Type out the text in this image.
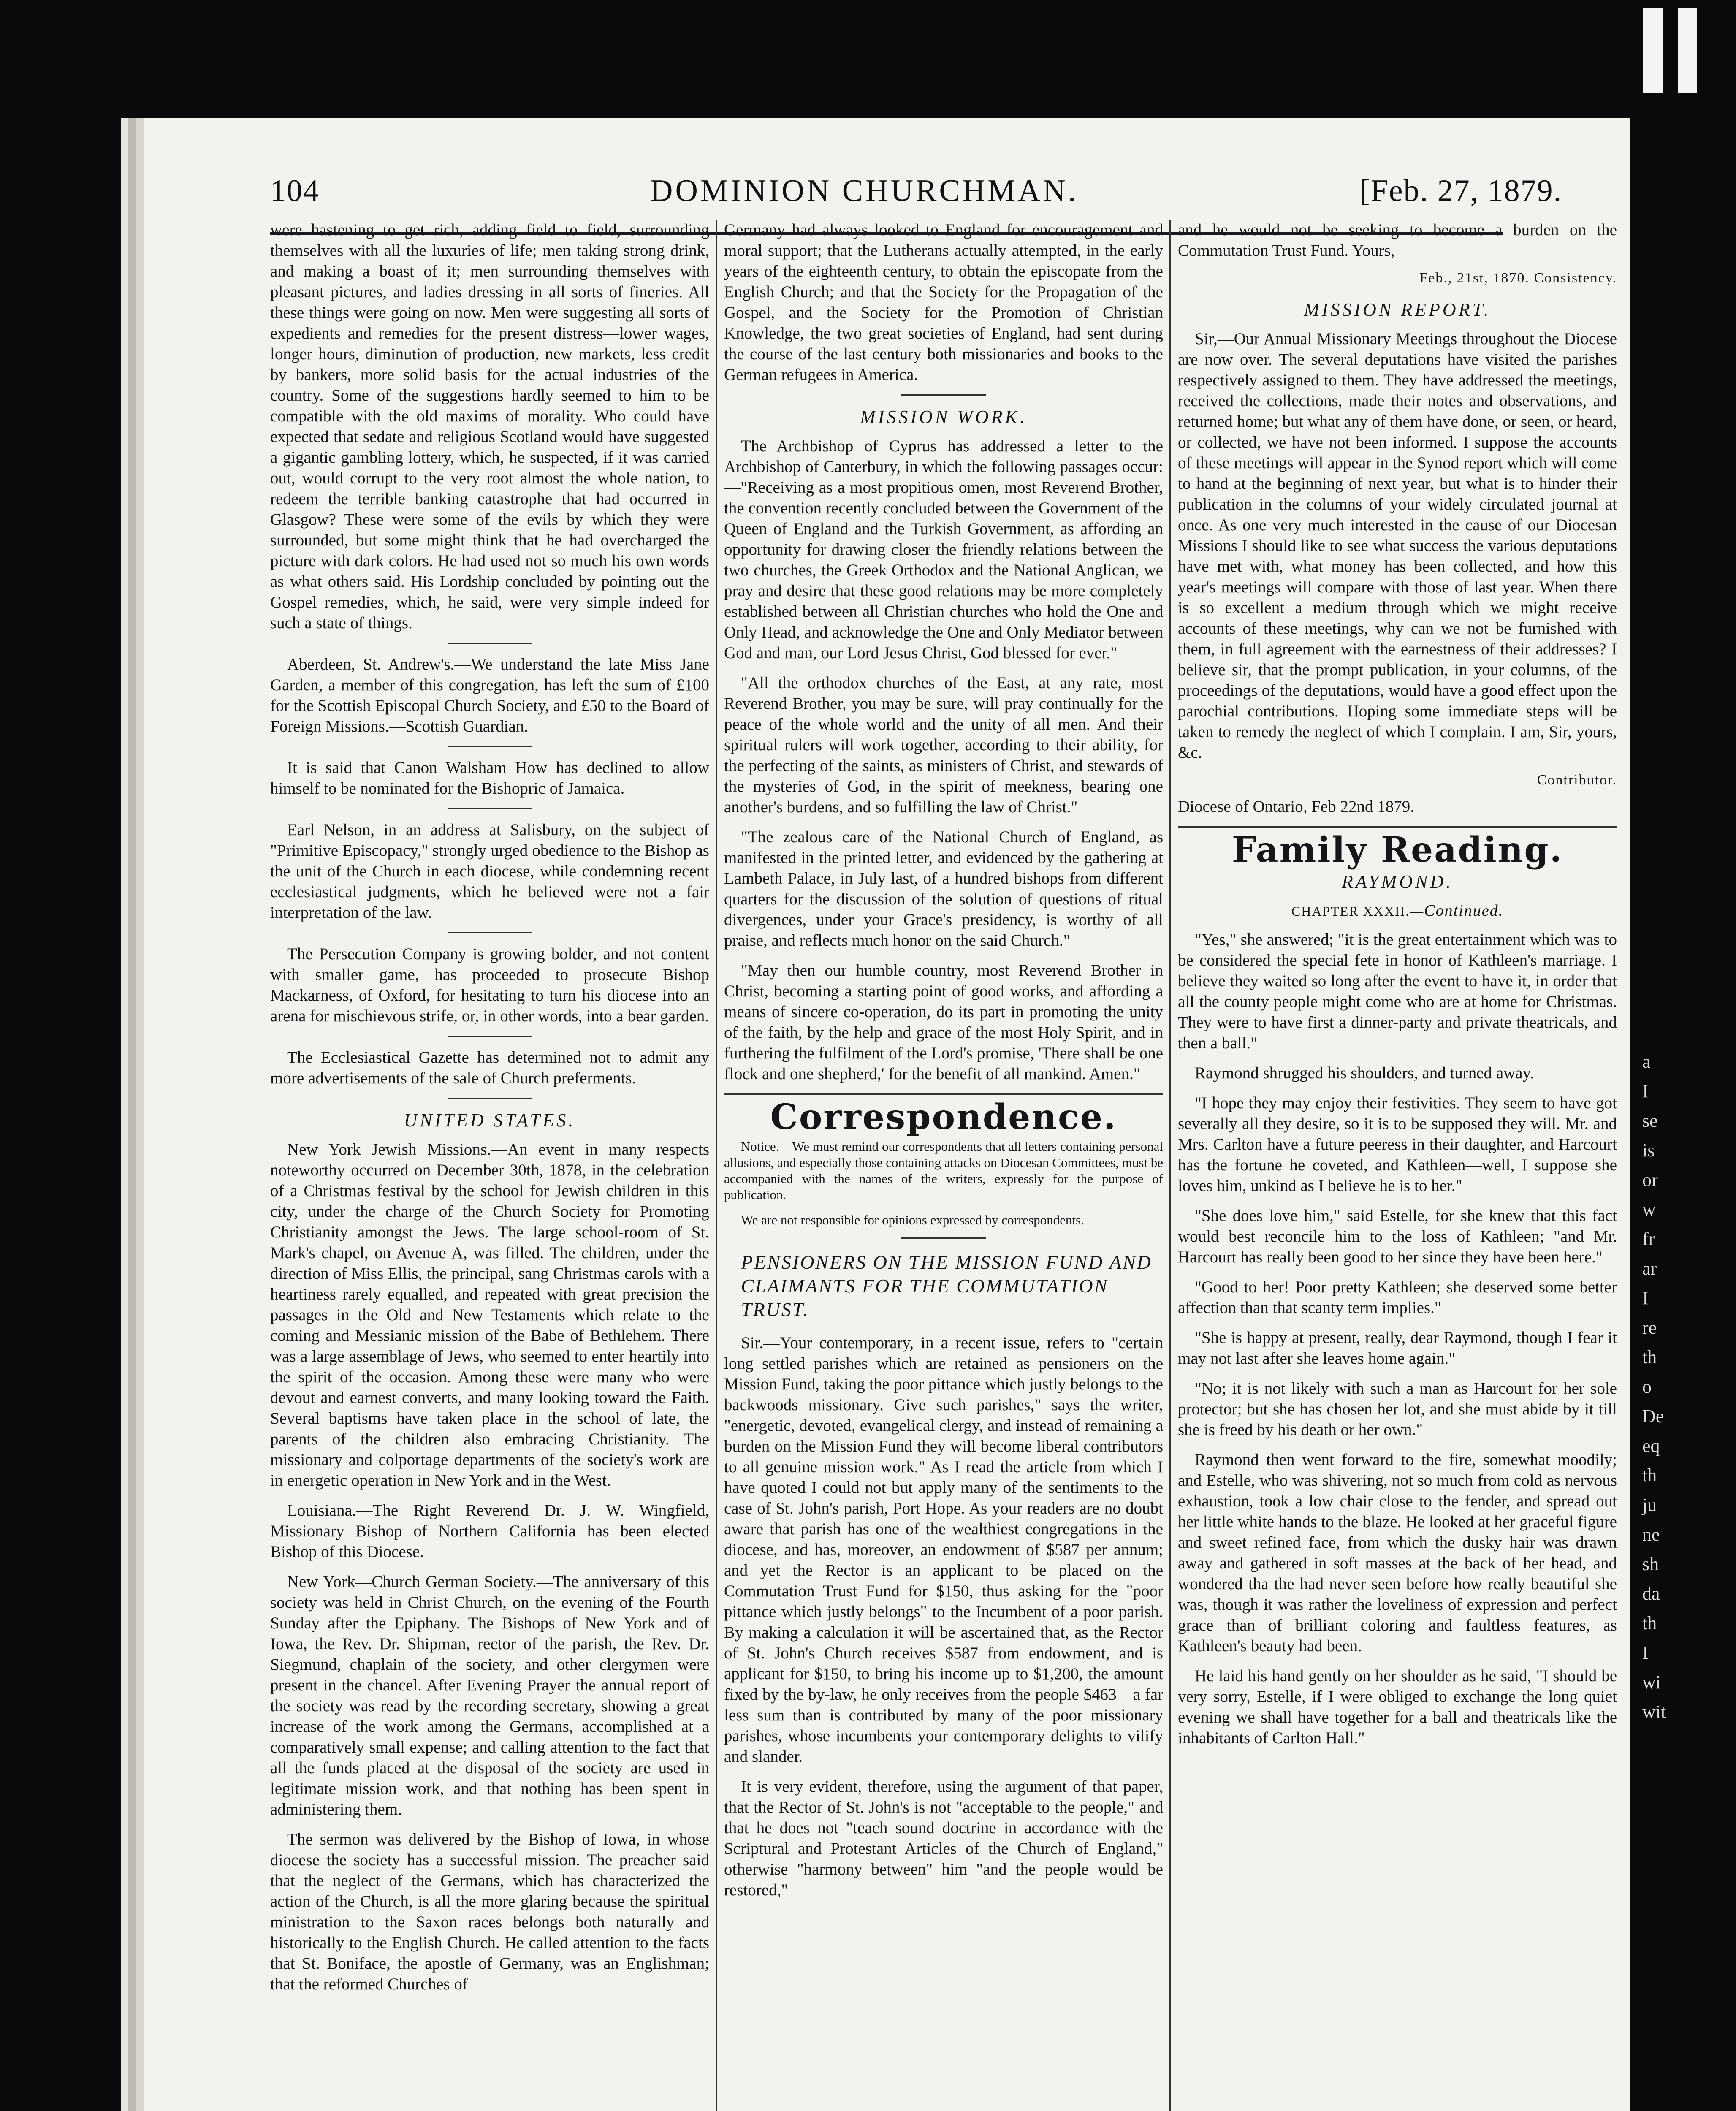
104	DOMINION CHURCHMAN.	[Feb. 27, 1879.

were hastening to get rich, adding field to field, surrounding themselves with all the luxuries of life; men taking strong drink, and making a boast of it; men surrounding themselves with pleasant pictures, and ladies dressing in all sorts of fineries. All these things were going on now. Men were suggesting all sorts of expedients and remedies for the present distress—lower wages, longer hours, diminution of production, new markets, less credit by bankers, more solid basis for the actual industries of the country. Some of the suggestions hardly seemed to him to be compatible with the old maxims of morality. Who could have expected that sedate and religious Scotland would have suggested a gigantic gambling lottery, which, he suspected, if it was carried out, would corrupt to the very root almost the whole nation, to redeem the terrible banking catastrophe that had occurred in Glasgow? These were some of the evils by which they were surrounded, but some might think that he had overcharged the picture with dark colors. He had used not so much his own words as what others said. His Lordship concluded by pointing out the Gospel remedies, which, he said, were very simple indeed for such a state of things.

Aberdeen, St. Andrew's.—We understand the late Miss Jane Garden, a member of this congregation, has left the sum of £100 for the Scottish Episcopal Church Society, and £50 to the Board of Foreign Missions.—Scottish Guardian.

It is said that Canon Walsham How has declined to allow himself to be nominated for the Bishopric of Jamaica.

Earl Nelson, in an address at Salisbury, on the subject of "Primitive Episcopacy," strongly urged obedience to the Bishop as the unit of the Church in each diocese, while condemning recent ecclesiastical judgments, which he believed were not a fair interpretation of the law.

The Persecution Company is growing bolder, and not content with smaller game, has proceeded to prosecute Bishop Mackarness, of Oxford, for hesitating to turn his diocese into an arena for mischievous strife, or, in other words, into a bear garden.

The Ecclesiastical Gazette has determined not to admit any more advertisements of the sale of Church preferments.

UNITED STATES.

New York Jewish Missions.—An event in many respects noteworthy occurred on December 30th, 1878, in the celebration of a Christmas festival by the school for Jewish children in this city, under the charge of the Church Society for Promoting Christianity amongst the Jews. The large school-room of St. Mark's chapel, on Avenue A, was filled. The children, under the direction of Miss Ellis, the principal, sang Christmas carols with a heartiness rarely equalled, and repeated with great precision the passages in the Old and New Testaments which relate to the coming and Messianic mission of the Babe of Bethlehem. There was a large assemblage of Jews, who seemed to enter heartily into the spirit of the occasion. Among these were many who were devout and earnest converts, and many looking toward the Faith. Several baptisms have taken place in the school of late, the parents of the children also embracing Christianity. The missionary and colportage departments of the society's work are in energetic operation in New York and in the West.

Louisiana.—The Right Reverend Dr. J. W. Wingfield, Missionary Bishop of Northern California has been elected Bishop of this Diocese.

New York—Church German Society.—The anniversary of this society was held in Christ Church, on the evening of the Fourth Sunday after the Epiphany. The Bishops of New York and of Iowa, the Rev. Dr. Shipman, rector of the parish, the Rev. Dr. Siegmund, chaplain of the society, and other clergymen were present in the chancel. After Evening Prayer the annual report of the society was read by the recording secretary, showing a great increase of the work among the Germans, accomplished at a comparatively small expense; and calling attention to the fact that all the funds placed at the disposal of the society are used in legitimate mission work, and that nothing has been spent in administering them.

The sermon was delivered by the Bishop of Iowa, in whose diocese the society has a successful mission. The preacher said that the neglect of the Germans, which has characterized the action of the Church, is all the more glaring because the spiritual ministration to the Saxon races belongs both naturally and historically to the English Church. He called attention to the facts that St. Boniface, the apostle of Germany, was an Englishman; that the reformed Churches of

Germany had always looked to England for encouragement and moral support; that the Lutherans actually attempted, in the early years of the eighteenth century, to obtain the episcopate from the English Church; and that the Society for the Propagation of the Gospel, and the Society for the Promotion of Christian Knowledge, the two great societies of England, had sent during the course of the last century both missionaries and books to the German refugees in America.

MISSION WORK.

The Archbishop of Cyprus has addressed a letter to the Archbishop of Canterbury, in which the following passages occur:—"Receiving as a most propitious omen, most Reverend Brother, the convention recently concluded between the Government of the Queen of England and the Turkish Government, as affording an opportunity for drawing closer the friendly relations between the two churches, the Greek Orthodox and the National Anglican, we pray and desire that these good relations may be more completely established between all Christian churches who hold the One and Only Head, and acknowledge the One and Only Mediator between God and man, our Lord Jesus Christ, God blessed for ever."

"All the orthodox churches of the East, at any rate, most Reverend Brother, you may be sure, will pray continually for the peace of the whole world and the unity of all men. And their spiritual rulers will work together, according to their ability, for the perfecting of the saints, as ministers of Christ, and stewards of the mysteries of God, in the spirit of meekness, bearing one another's burdens, and so fulfilling the law of Christ."

"The zealous care of the National Church of England, as manifested in the printed letter, and evidenced by the gathering at Lambeth Palace, in July last, of a hundred bishops from different quarters for the discussion of the solution of questions of ritual divergences, under your Grace's presidency, is worthy of all praise, and reflects much honor on the said Church."

"May then our humble country, most Reverend Brother in Christ, becoming a starting point of good works, and affording a means of sincere co-operation, do its part in promoting the unity of the faith, by the help and grace of the most Holy Spirit, and in furthering the fulfilment of the Lord's promise, 'There shall be one flock and one shepherd,' for the benefit of all mankind. Amen."

Correspondence.

Notice.—We must remind our correspondents that all letters containing personal allusions, and especially those containing attacks on Diocesan Committees, must be accompanied with the names of the writers, expressly for the purpose of publication.

We are not responsible for opinions expressed by correspondents.

PENSIONERS ON THE MISSION FUND AND CLAIMANTS FOR THE COMMUTATION TRUST.

Sir.—Your contemporary, in a recent issue, refers to "certain long settled parishes which are retained as pensioners on the Mission Fund, taking the poor pittance which justly belongs to the backwoods missionary. Give such parishes," says the writer, "energetic, devoted, evangelical clergy, and instead of remaining a burden on the Mission Fund they will become liberal contributors to all genuine mission work." As I read the article from which I have quoted I could not but apply many of the sentiments to the case of St. John's parish, Port Hope. As your readers are no doubt aware that parish has one of the wealthiest congregations in the diocese, and has, moreover, an endowment of $587 per annum; and yet the Rector is an applicant to be placed on the Commutation Trust Fund for $150, thus asking for the "poor pittance which justly belongs" to the Incumbent of a poor parish. By making a calculation it will be ascertained that, as the Rector of St. John's Church receives $587 from endowment, and is applicant for $150, to bring his income up to $1,200, the amount fixed by the by-law, he only receives from the people $463—a far less sum than is contributed by many of the poor missionary parishes, whose incumbents your contemporary delights to vilify and slander.

It is very evident, therefore, using the argument of that paper, that the Rector of St. John's is not "acceptable to the people," and that he does not "teach sound doctrine in accordance with the Scriptural and Protestant Articles of the Church of England," otherwise "harmony between" him "and the people would be restored,"

and he would not be seeking to become a burden on the Commutation Trust Fund. Yours,

Feb., 21st, 1870. Consistency.
MISSION REPORT.

Sir,—Our Annual Missionary Meetings throughout the Diocese are now over. The several deputations have visited the parishes respectively assigned to them. They have addressed the meetings, received the collections, made their notes and observations, and returned home; but what any of them have done, or seen, or heard, or collected, we have not been informed. I suppose the accounts of these meetings will appear in the Synod report which will come to hand at the beginning of next year, but what is to hinder their publication in the columns of your widely circulated journal at once. As one very much interested in the cause of our Diocesan Missions I should like to see what success the various deputations have met with, what money has been collected, and how this year's meetings will compare with those of last year. When there is so excellent a medium through which we might receive accounts of these meetings, why can we not be furnished with them, in full agreement with the earnestness of their addresses? I believe sir, that the prompt publication, in your columns, of the proceedings of the deputations, would have a good effect upon the parochial contributions. Hoping some immediate steps will be taken to remedy the neglect of which I complain. I am, Sir, yours, &c.

Contributor.

Diocese of Ontario, Feb 22nd 1879.

Family Reading.
RAYMOND.
CHAPTER XXXII.—Continued.

"Yes," she answered; "it is the great entertainment which was to be considered the special fete in honor of Kathleen's marriage. I believe they waited so long after the event to have it, in order that all the county people might come who are at home for Christmas. They were to have first a dinner-party and private theatricals, and then a ball."

Raymond shrugged his shoulders, and turned away.

"I hope they may enjoy their festivities. They seem to have got severally all they desire, so it is to be supposed they will. Mr. and Mrs. Carlton have a future peeress in their daughter, and Harcourt has the fortune he coveted, and Kathleen—well, I suppose she loves him, unkind as I believe he is to her."

"She does love him," said Estelle, for she knew that this fact would best reconcile him to the loss of Kathleen; "and Mr. Harcourt has really been good to her since they have been here."

"Good to her! Poor pretty Kathleen; she deserved some better affection than that scanty term implies."

"She is happy at present, really, dear Raymond, though I fear it may not last after she leaves home again."

"No; it is not likely with such a man as Harcourt for her sole protector; but she has chosen her lot, and she must abide by it till she is freed by his death or her own."

Raymond then went forward to the fire, somewhat moodily; and Estelle, who was shivering, not so much from cold as nervous exhaustion, took a low chair close to the fender, and spread out her little white hands to the blaze. He looked at her graceful figure and sweet refined face, from which the dusky hair was drawn away and gathered in soft masses at the back of her head, and wondered tha the had never seen before how really beautiful she was, though it was rather the loveliness of expression and perfect grace than of brilliant coloring and faultless features, as Kathleen's beauty had been.

He laid his hand gently on her shoulder as he said, "I should be very sorry, Estelle, if I were obliged to exchange the long quiet evening we shall have together for a ball and theatricals like the inhabitants of Carlton Hall."

a
I
se
is
or
w
fr
ar
I
re
th
o
De
eq
th
ju
ne
sh
da
th
I
wi
wit
